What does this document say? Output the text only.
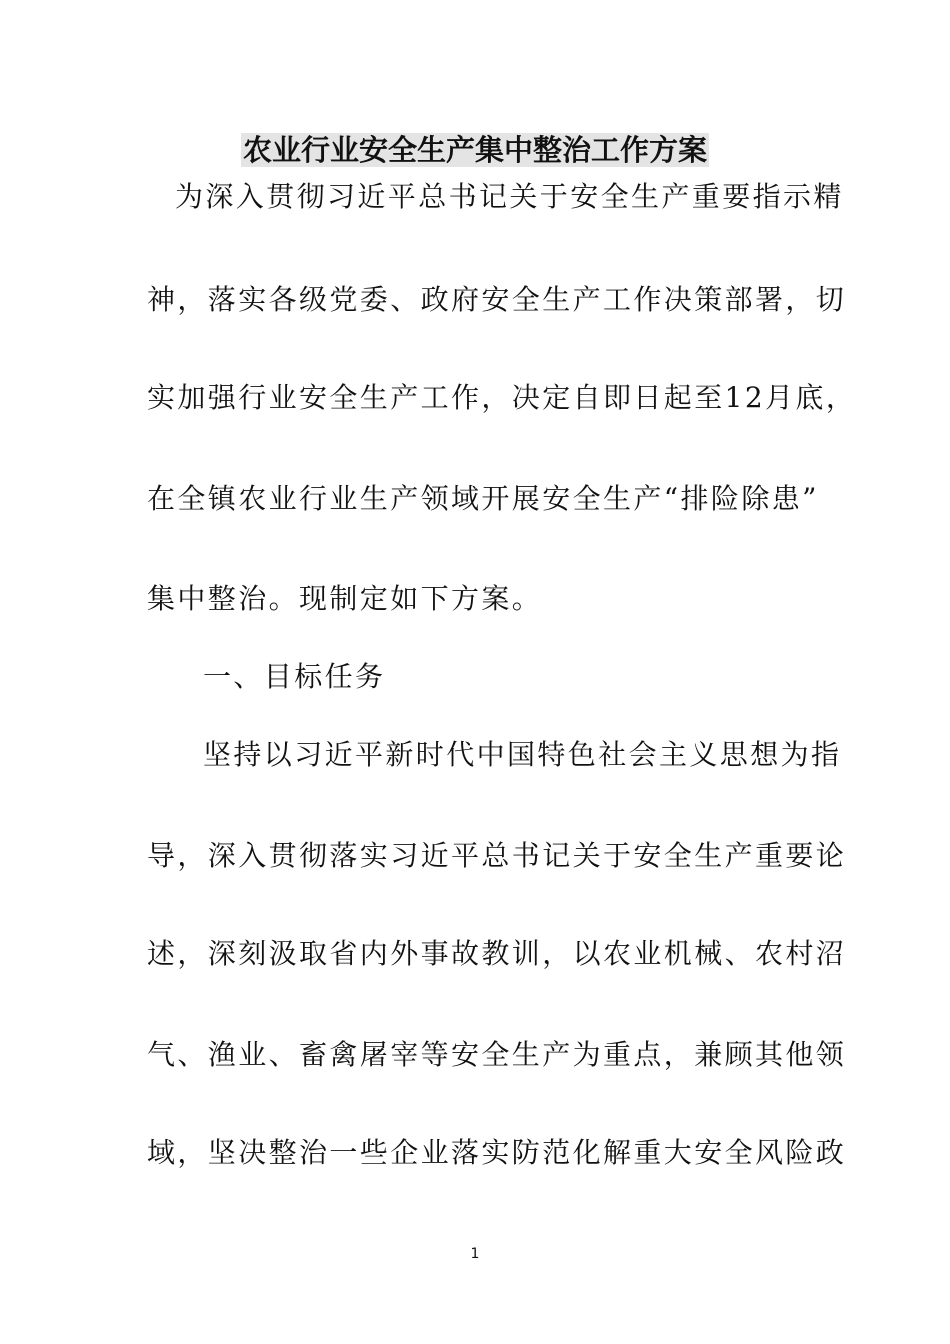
农业行业安全生产集中整治工作方案
为深入贯彻习近平总书记关于安全生产重要指示精
神，落实各级党委、政府安全生产工作决策部署，切
实加强行业安全生产工作，决定自即日起至12月底，
在全镇农业行业生产领域开展安全生产“排险除患”
集中整治。现制定如下方案。
一、目标任务
坚持以习近平新时代中国特色社会主义思想为指
导，深入贯彻落实习近平总书记关于安全生产重要论
述，深刻汲取省内外事故教训，以农业机械、农村沼
气、渔业、畜禽屠宰等安全生产为重点，兼顾其他领
域，坚决整治一些企业落实防范化解重大安全风险政
1
